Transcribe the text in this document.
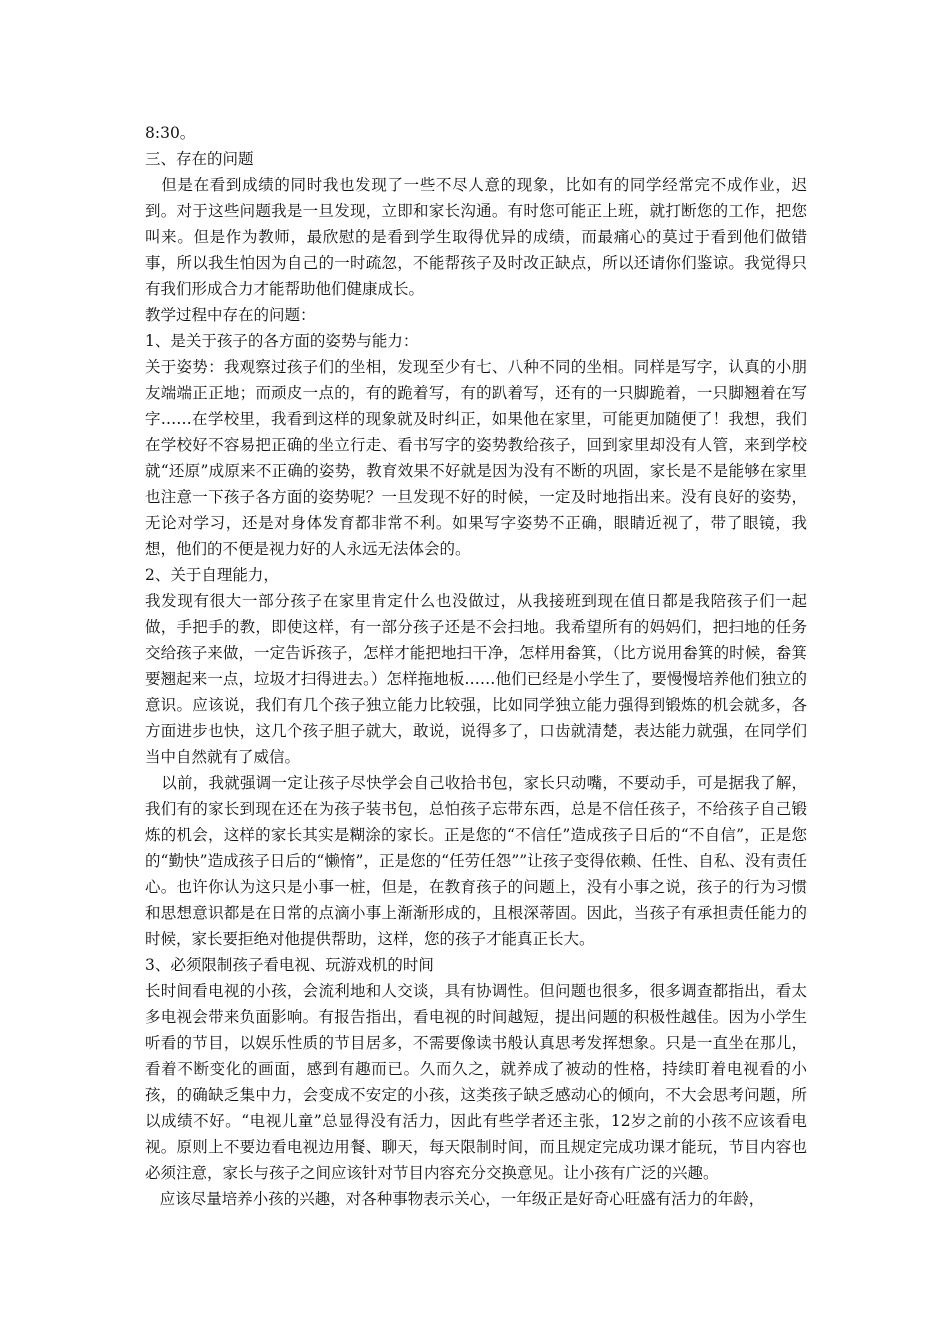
8:30。

三、存在的问题

但是在看到成绩的同时我也发现了一些不尽人意的现象，比如有的同学经常完不成作业，迟到。对于这些问题我是一旦发现，立即和家长沟通。有时您可能正上班，就打断您的工作，把您叫来。但是作为教师，最欣慰的是看到学生取得优异的成绩，而最痛心的莫过于看到他们做错事，所以我生怕因为自己的一时疏忽，不能帮孩子及时改正缺点，所以还请你们鉴谅。我觉得只有我们形成合力才能帮助他们健康成长。

教学过程中存在的问题：

1、是关于孩子的各方面的姿势与能力：

关于姿势：我观察过孩子们的坐相，发现至少有七、八种不同的坐相。同样是写字，认真的小朋友端端正正地；而顽皮一点的，有的跪着写，有的趴着写，还有的一只脚跪着，一只脚翘着在写字……在学校里，我看到这样的现象就及时纠正，如果他在家里，可能更加随便了！我想，我们在学校好不容易把正确的坐立行走、看书写字的姿势教给孩子，回到家里却没有人管，来到学校就“还原”成原来不正确的姿势，教育效果不好就是因为没有不断的巩固，家长是不是能够在家里也注意一下孩子各方面的姿势呢？一旦发现不好的时候，一定及时地指出来。没有良好的姿势，无论对学习，还是对身体发育都非常不利。如果写字姿势不正确，眼睛近视了，带了眼镜，我想，他们的不便是视力好的人永远无法体会的。

2、关于自理能力，

我发现有很大一部分孩子在家里肯定什么也没做过，从我接班到现在值日都是我陪孩子们一起做，手把手的教，即使这样，有一部分孩子还是不会扫地。我希望所有的妈妈们，把扫地的任务交给孩子来做，一定告诉孩子，怎样才能把地扫干净，怎样用畚箕，（比方说用畚箕的时候，畚箕要翘起来一点，垃圾才扫得进去。）怎样拖地板……他们已经是小学生了，要慢慢培养他们独立的意识。应该说，我们有几个孩子独立能力比较强，比如同学独立能力强得到锻炼的机会就多，各方面进步也快，这几个孩子胆子就大，敢说，说得多了，口齿就清楚，表达能力就强，在同学们当中自然就有了威信。

以前，我就强调一定让孩子尽快学会自己收拾书包，家长只动嘴，不要动手，可是据我了解，我们有的家长到现在还在为孩子装书包，总怕孩子忘带东西，总是不信任孩子，不给孩子自己锻炼的机会，这样的家长其实是糊涂的家长。正是您的“不信任”造成孩子日后的“不自信”，正是您的“勤快”造成孩子日后的“懒惰”，正是您的“任劳任怨””让孩子变得依赖、任性、自私、没有责任心。也许你认为这只是小事一桩，但是，在教育孩子的问题上，没有小事之说，孩子的行为习惯和思想意识都是在日常的点滴小事上渐渐形成的，且根深蒂固。因此，当孩子有承担责任能力的时候，家长要拒绝对他提供帮助，这样，您的孩子才能真正长大。

3、必须限制孩子看电视、玩游戏机的时间

长时间看电视的小孩，会流利地和人交谈，具有协调性。但问题也很多，很多调查都指出，看太多电视会带来负面影响。有报告指出，看电视的时间越短，提出问题的积极性越佳。因为小学生听看的节目，以娱乐性质的节目居多，不需要像读书般认真思考发挥想象。只是一直坐在那儿，看着不断变化的画面，感到有趣而已。久而久之，就养成了被动的性格，持续盯着电视看的小孩，的确缺乏集中力，会变成不安定的小孩，这类孩子缺乏感动心的倾向，不大会思考问题，所以成绩不好。“电视儿童”总显得没有活力，因此有些学者还主张，12岁之前的小孩不应该看电视。原则上不要边看电视边用餐、聊天，每天限制时间，而且规定完成功课才能玩，节目内容也必须注意，家长与孩子之间应该针对节目内容充分交换意见。让小孩有广泛的兴趣。

应该尽量培养小孩的兴趣，对各种事物表示关心，一年级正是好奇心旺盛有活力的年龄，
